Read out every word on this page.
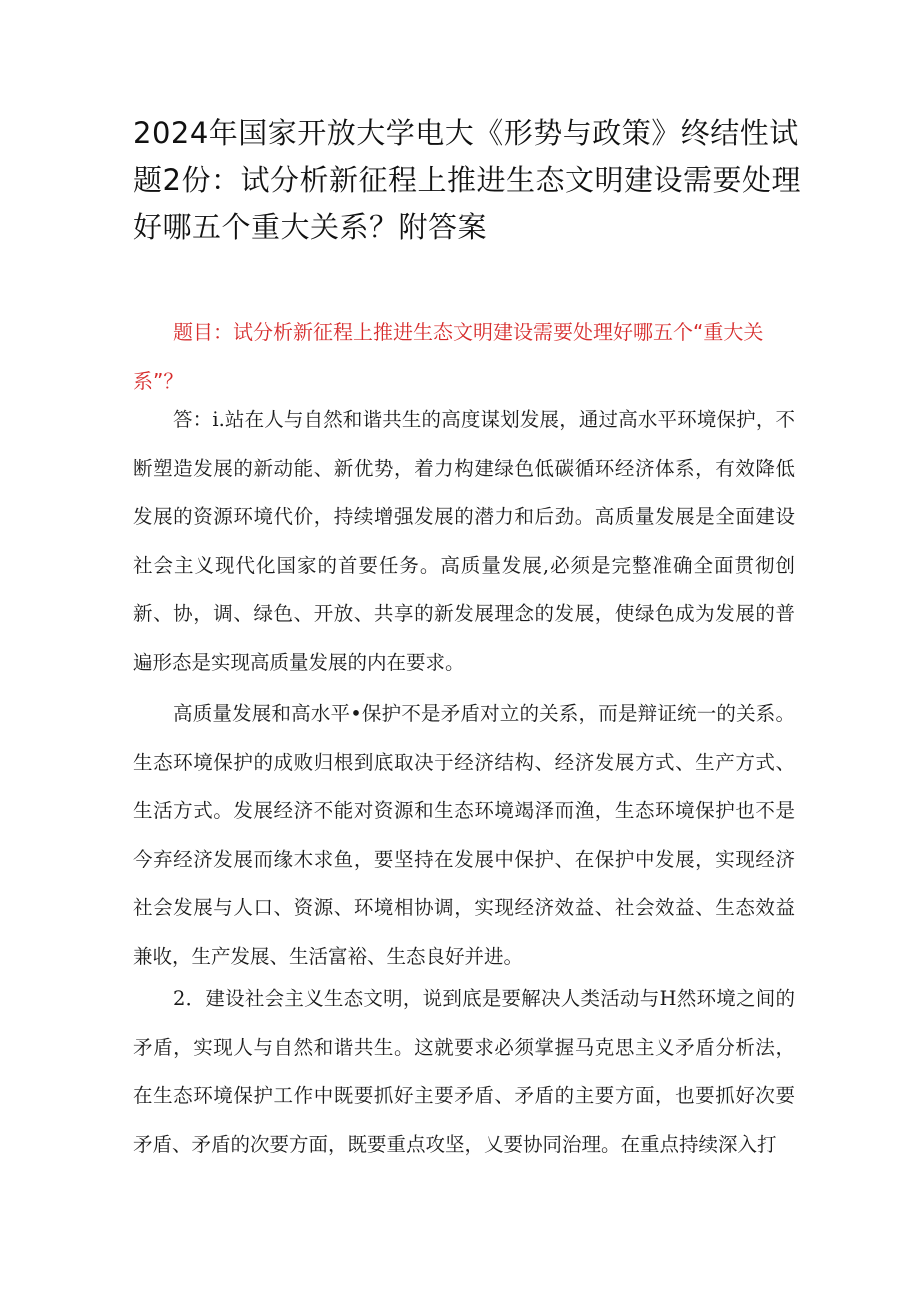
2024年国家开放大学电大《形势与政策》终结性试题2份：试分析新征程上推进生态文明建设需要处理好哪五个重大关系？附答案

题目：试分析新征程上推进生态文明建设需要处理好哪五个“重大关系”？

答：i.站在人与自然和谐共生的高度谋划发展，通过高水平环境保护，不断塑造发展的新动能、新优势，着力构建绿色低碳循环经济体系，有效降低发展的资源环境代价，持续增强发展的潜力和后劲。高质量发展是全面建设社会主义现代化国家的首要任务。高质量发展,必须是完整准确全面贯彻创新、协，调、绿色、开放、共享的新发展理念的发展，使绿色成为发展的普遍形态是实现高质量发展的内在要求。

高质量发展和高水平•保护不是矛盾对立的关系，而是辩证统一的关系。生态环境保护的成败归根到底取决于经济结构、经济发展方式、生产方式、生活方式。发展经济不能对资源和生态环境竭泽而渔，生态环境保护也不是今弃经济发展而缘木求鱼，要坚持在发展中保护、在保护中发展，实现经济社会发展与人口、资源、环境相协调，实现经济效益、社会效益、生态效益兼收，生产发展、生活富裕、生态良好并进。

2．建设社会主义生态文明，说到底是要解决人类活动与H然环境之间的矛盾，实现人与自然和谐共生。这就要求必须掌握马克思主义矛盾分析法，在生态环境保护工作中既要抓好主要矛盾、矛盾的主要方面，也要抓好次要矛盾、矛盾的次要方面，既要重点攻坚，乂要协同治理。在重点持续深入打
